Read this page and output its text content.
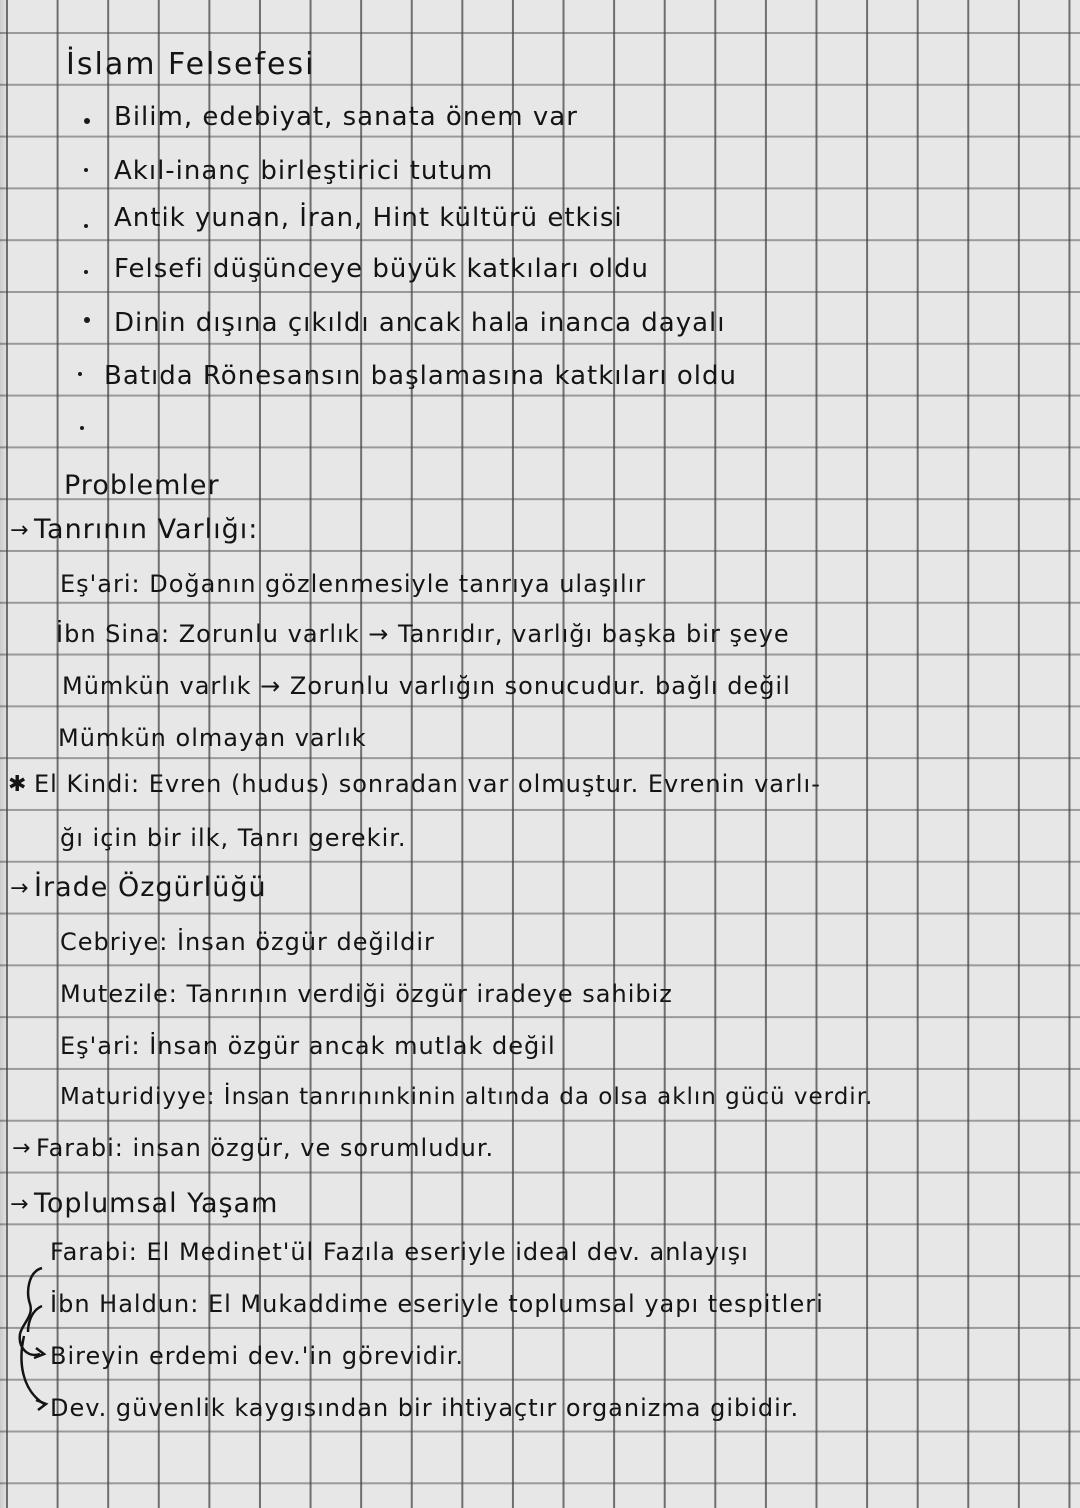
İslam Felsefesi
Bilim, edebiyat, sanata önem var
Akıl-inanç birleştirici tutum
Antik yunan, İran, Hint kültürü etkisi
Felsefi düşünceye büyük katkıları oldu
Dinin dışına çıkıldı ancak hala inanca dayalı
Batıda Rönesansın başlamasına katkıları oldu
Problemler
→ Tanrının Varlığı:
Eş'ari: Doğanın gözlenmesiyle tanrıya ulaşılır
İbn Sina: Zorunlu varlık → Tanrıdır, varlığı başka bir şeye
Mümkün varlık → Zorunlu varlığın sonucudur. bağlı değil
Mümkün olmayan varlık
✱ El Kindi: Evren (hudus) sonradan var olmuştur. Evrenin varlı-
ğı için bir ilk, Tanrı gerekir.
→ İrade Özgürlüğü
Cebriye: İnsan özgür değildir
Mutezile: Tanrının verdiği özgür iradeye sahibiz
Eş'ari: İnsan özgür ancak mutlak değil
Maturidiyye: İnsan tanrınınkinin altında da olsa aklın gücü verdir.
→ Farabi: insan özgür, ve sorumludur.
→ Toplumsal Yaşam
Farabi: El Medinet'ül Fazıla eseriyle ideal dev. anlayışı
İbn Haldun: El Mukaddime eseriyle toplumsal yapı tespitleri
Bireyin erdemi dev.'in görevidir.
Dev. güvenlik kaygısından bir ihtiyaçtır organizma gibidir.
